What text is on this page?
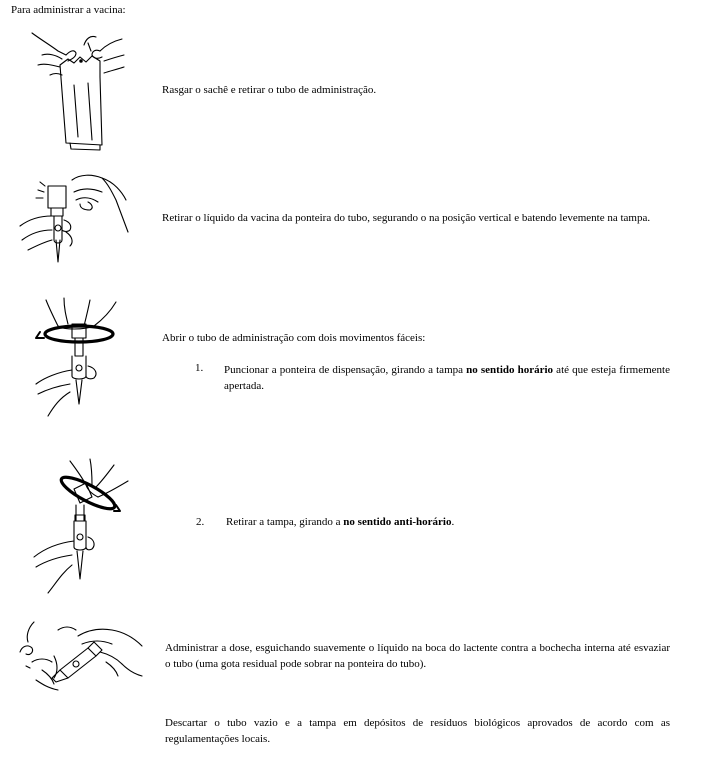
Para administrar a vacina:
Rasgar o sachê e retirar o tubo de administração.
Retirar o líquido da vacina da ponteira do tubo, segurando o na posição vertical e batendo levemente na tampa.
Abrir o tubo de administração com dois movimentos fáceis:
1. Puncionar a ponteira de dispensação, girando a tampa no sentido horário até que esteja firmemente apertada.
2. Retirar a tampa, girando a no sentido anti-horário.
Administrar a dose, esguichando suavemente o líquido na boca do lactente contra a bochecha interna até esvaziar o tubo (uma gota residual pode sobrar na ponteira do tubo).
Descartar o tubo vazio e a tampa em depósitos de resíduos biológicos aprovados de acordo com as regulamentações locais.
